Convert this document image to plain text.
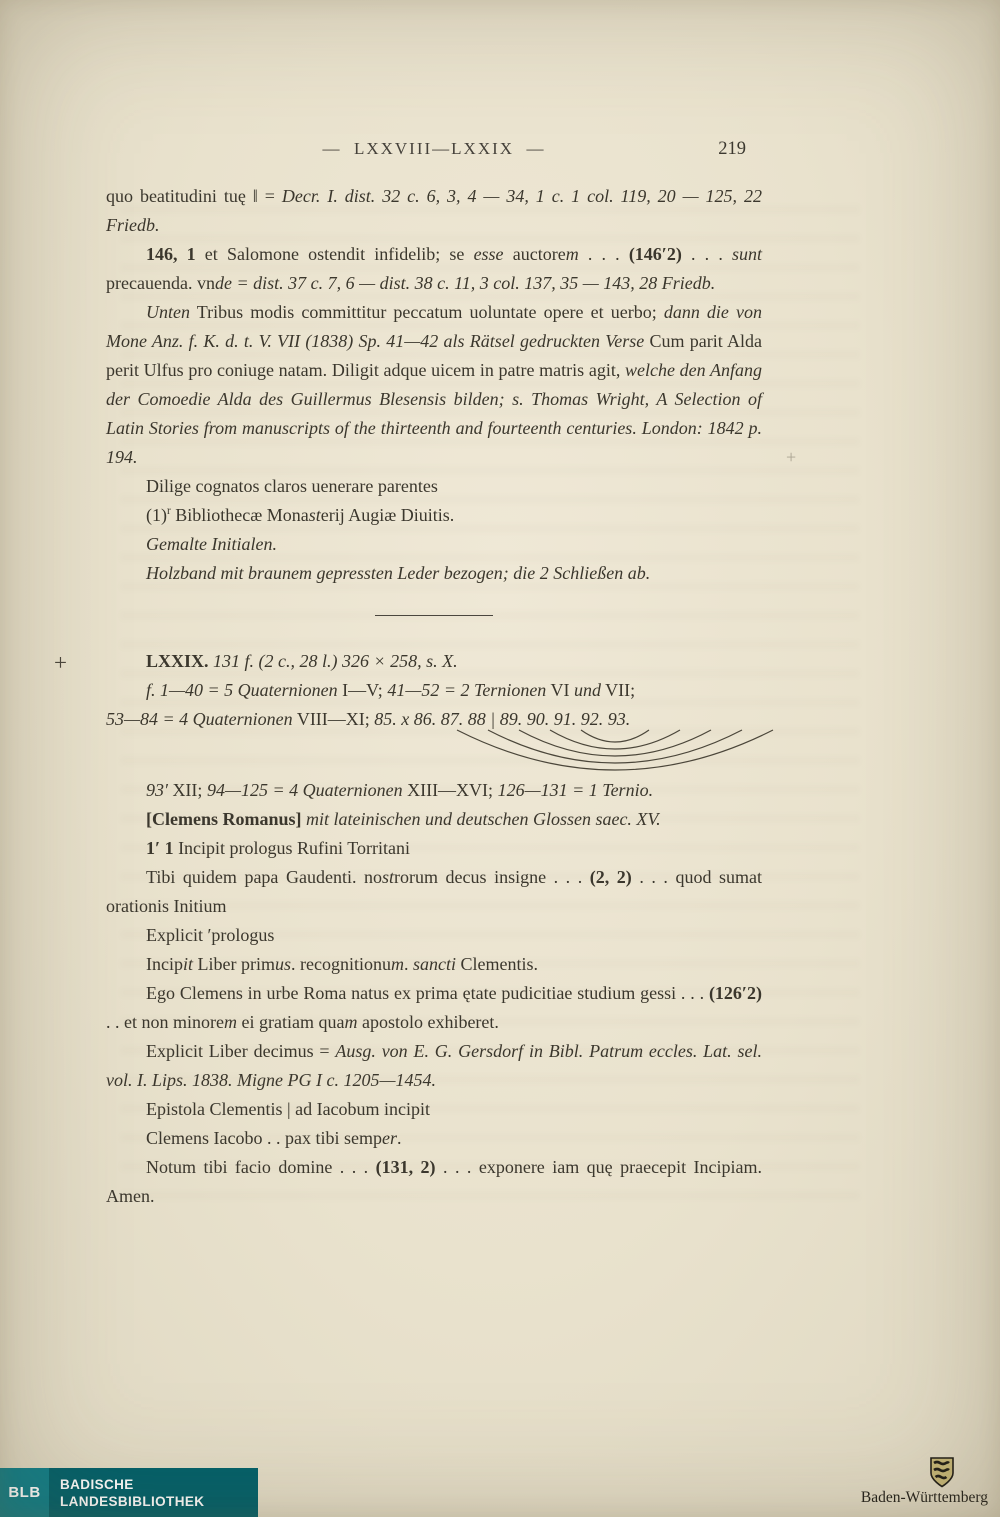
—  LXXVIII—LXXIX  —	219
+
+

quo beatitudini tuę ‖ = Decr. I. dist. 32 c. 6, 3, 4 — 34, 1 c. 1 col. 119, 20 — 125, 22 Friedb.

146, 1 et Salomone ostendit infidelib; se esse auctorem . . . (146′2) . . . sunt precauenda. vnde = dist. 37 c. 7, 6 — dist. 38 c. 11, 3 col. 137, 35 — 143, 28 Friedb.

Unten Tribus modis committitur peccatum uoluntate opere et uerbo; dann die von Mone Anz. f. K. d. t. V. VII (1838) Sp. 41—42 als Rätsel gedruckten Verse Cum parit Alda perit Ulfus pro coniuge natam. Diligit adque uicem in patre matris agit, welche den Anfang der Comoedie Alda des Guillermus Blesensis bilden; s. Thomas Wright, A Selection of Latin Stories from manuscripts of the thirteenth and fourteenth centuries. London: 1842 p. 194.

Dilige cognatos claros uenerare parentes

$(1)^r$ Bibliothecæ Monasterij Augiæ Diuitis.

Gemalte Initialen.

Holzband mit braunem gepressten Leder bezogen; die 2 Schließen ab.

LXXIX. 131 f. (2 c., 28 l.) 326 × 258, s. X.

f. 1—40 = 5 Quaternionen I—V; 41—52 = 2 Ternionen VI und VII;
53—84 = 4 Quaternionen VIII—XI; 85. x 86. 87. 88 | 89. 90. 91. 92. 93.

93′ XII; 94—125 = 4 Quaternionen XIII—XVI; 126—131 = 1 Ternio.

[Clemens Romanus] mit lateinischen und deutschen Glossen saec. XV.

1′ 1 Incipit prologus Rufini Torritani

Tibi quidem papa Gaudenti. nostrorum decus insigne . . . (2, 2) . . . quod sumat orationis Initium

Explicit ′prologus

Incipit Liber primus. recognitionum. sancti Clementis.

Ego Clemens in urbe Roma natus ex prima ętate pudicitiae studium gessi . . . (126′2) . . et non minorem ei gratiam quam apostolo exhiberet.

Explicit Liber decimus = Ausg. von E. G. Gersdorf in Bibl. Patrum eccles. Lat. sel. vol. I. Lips. 1838. Migne PG I c. 1205—1454.

Epistola Clementis | ad Iacobum incipit

Clemens Iacobo . . pax tibi semper.

Notum tibi facio domine . . . (131, 2) . . . exponere iam quę praecepit Incipiam. Amen.

BLB BADISCHE
LANDESBIBLIOTHEK	Baden-Württemberg
